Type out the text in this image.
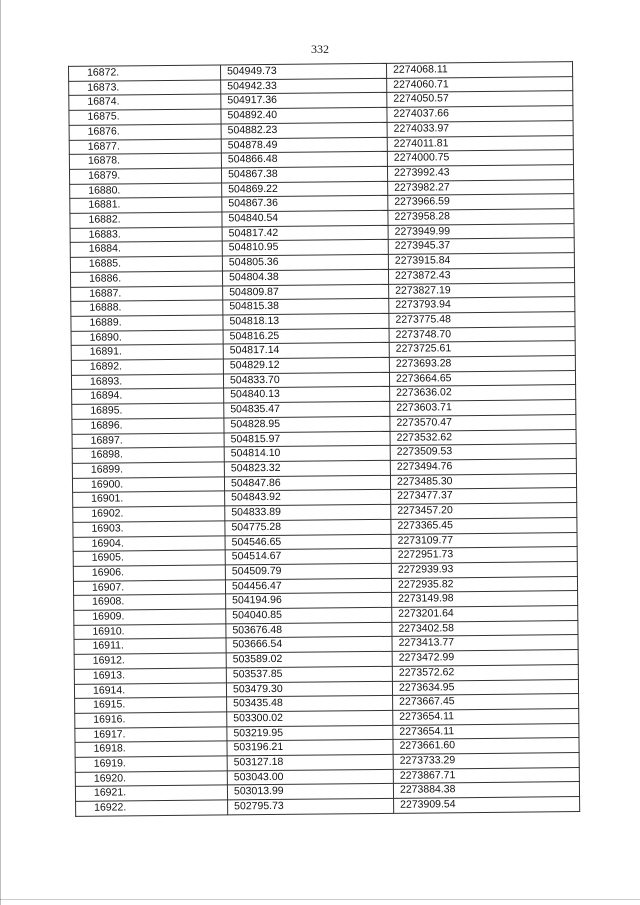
332
16872.	504949.73	2274068.11
16873.	504942.33	2274060.71
16874.	504917.36	2274050.57
16875.	504892.40	2274037.66
16876.	504882.23	2274033.97
16877.	504878.49	2274011.81
16878.	504866.48	2274000.75
16879.	504867.38	2273992.43
16880.	504869.22	2273982.27
16881.	504867.36	2273966.59
16882.	504840.54	2273958.28
16883.	504817.42	2273949.99
16884.	504810.95	2273945.37
16885.	504805.36	2273915.84
16886.	504804.38	2273872.43
16887.	504809.87	2273827.19
16888.	504815.38	2273793.94
16889.	504818.13	2273775.48
16890.	504816.25	2273748.70
16891.	504817.14	2273725.61
16892.	504829.12	2273693.28
16893.	504833.70	2273664.65
16894.	504840.13	2273636.02
16895.	504835.47	2273603.71
16896.	504828.95	2273570.47
16897.	504815.97	2273532.62
16898.	504814.10	2273509.53
16899.	504823.32	2273494.76
16900.	504847.86	2273485.30
16901.	504843.92	2273477.37
16902.	504833.89	2273457.20
16903.	504775.28	2273365.45
16904.	504546.65	2273109.77
16905.	504514.67	2272951.73
16906.	504509.79	2272939.93
16907.	504456.47	2272935.82
16908.	504194.96	2273149.98
16909.	504040.85	2273201.64
16910.	503676.48	2273402.58
16911.	503666.54	2273413.77
16912.	503589.02	2273472.99
16913.	503537.85	2273572.62
16914.	503479.30	2273634.95
16915.	503435.48	2273667.45
16916.	503300.02	2273654.11
16917.	503219.95	2273654.11
16918.	503196.21	2273661.60
16919.	503127.18	2273733.29
16920.	503043.00	2273867.71
16921.	503013.99	2273884.38
16922.	502795.73	2273909.54
